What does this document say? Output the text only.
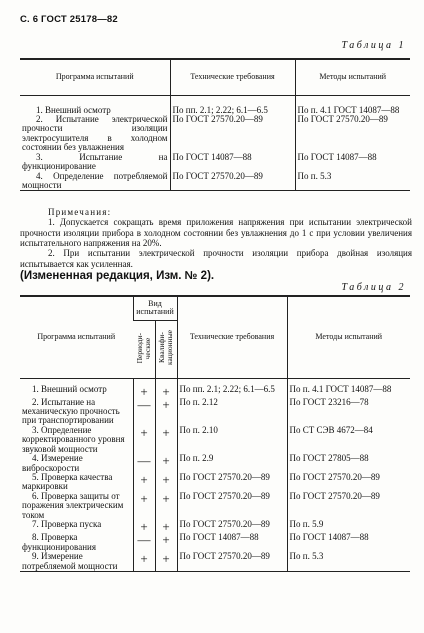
С. 6 ГОСТ 25178—82
Таблица 1
Программа испытаний	Технические требования	Методы испытаний
1. Внешний осмотр	По пп. 2.1; 2.22; 6.1—6.5	По п. 4.1 ГОСТ 14087—88
2. Испытание электрической прочности изоляции электросушителя в холодном состоянии без увлажнения	По ГОСТ 27570.20—89	По ГОСТ 27570.20—89
3. Испытание на функционирование	По ГОСТ 14087—88	По ГОСТ 14087—88
4. Определение потребляемой мощности	По ГОСТ 27570.20—89	По п. 5.3
Примечания:

1. Допускается сокращать время приложения напряжения при испытании электрической прочности изоляции прибора в холодном состоянии без увлажнения до 1 с при условии увеличения испытательного напряжения на 20%.

2. При испытании электрической прочности изоляции прибора двойная изоляция испытывается как усиленная.

(Измененная редакция, Изм. № 2).
Таблица 2
Программа испытаний	Вид испытаний		Технические требования	Методы испытаний
	Периоди-
ческие	Квалифи-
кационные		
1. Внешний осмотр	+	+	По пп. 2.1; 2.22; 6.1—6.5	По п. 4.1 ГОСТ 14087—88
2. Испытание на механическую прочность при транспортировании	—	+	По п. 2.12	По ГОСТ 23216—78
3. Определение корректированного уровня звуковой мощности	+	+	По п. 2.10	По СТ СЭВ 4672—84
4. Измерение виброскорости	—	+	По п. 2.9	По ГОСТ 27805—88
5. Проверка качества маркировки	+	+	По ГОСТ 27570.20—89	По ГОСТ 27570.20—89
6. Проверка защиты от поражения электрическим током	+	+	По ГОСТ 27570.20—89	По ГОСТ 27570.20—89
7. Проверка пуска	+	+	По ГОСТ 27570.20—89	По п. 5.9
8. Проверка функционирования	—	+	По ГОСТ 14087—88	По ГОСТ 14087—88
9. Измерение потребляемой мощности	+	+	По ГОСТ 27570.20—89	По п. 5.3
